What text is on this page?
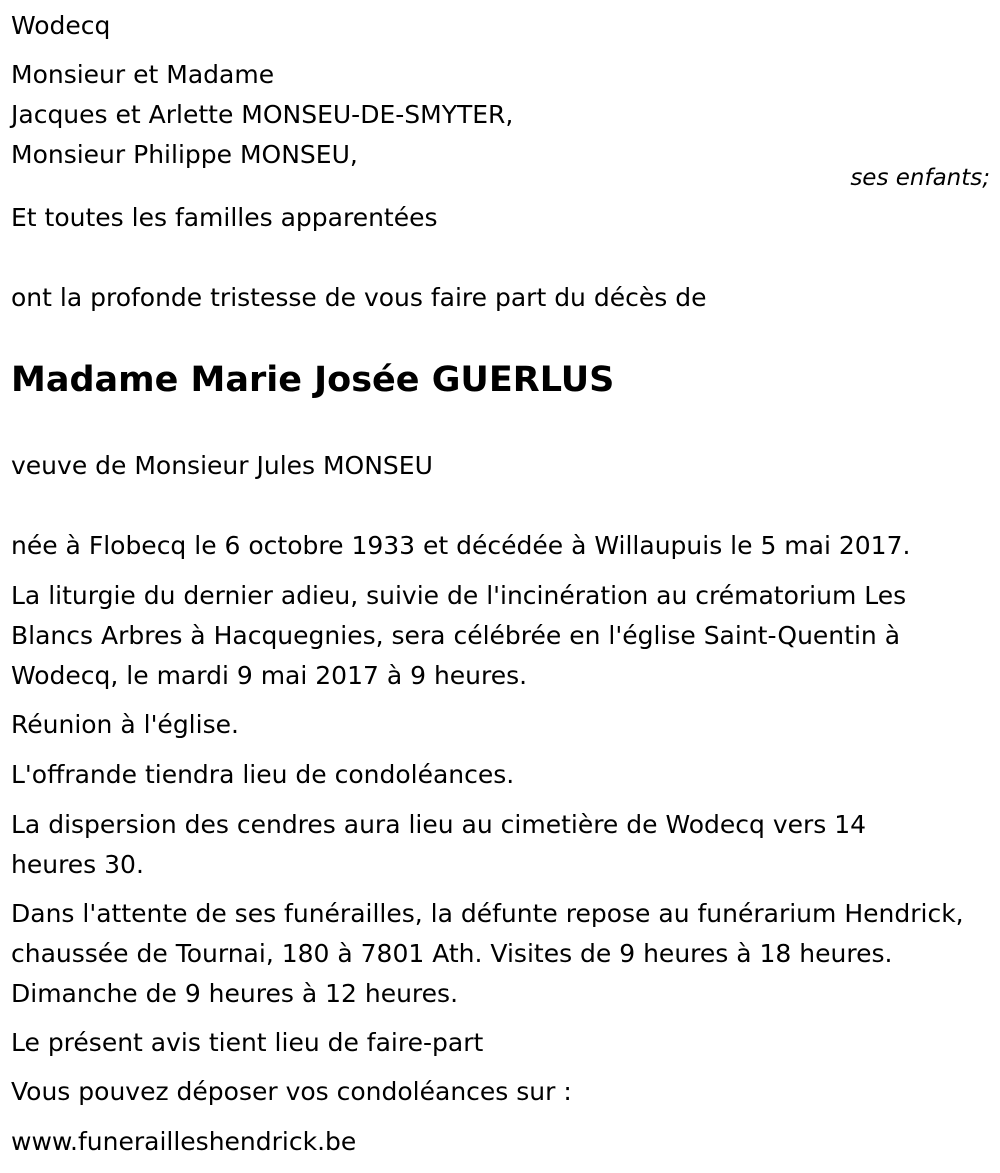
Wodecq

Monsieur et Madame

Jacques et Arlette MONSEU-DE-SMYTER,

Monsieur Philippe MONSEU,

ses enfants;

Et toutes les familles apparentées

ont la profonde tristesse de vous faire part du décès de

Madame Marie Josée GUERLUS

veuve de Monsieur Jules MONSEU

née à Flobecq le 6 octobre 1933 et décédée à Willaupuis le 5 mai 2017.

La liturgie du dernier adieu, suivie de l'incinération au crématorium Les Blancs Arbres à Hacquegnies, sera célébrée en l'église Saint-Quentin à Wodecq, le mardi 9 mai 2017 à 9 heures.

Réunion à l'église.

L'offrande tiendra lieu de condoléances.

La dispersion des cendres aura lieu au cimetière de Wodecq vers 14 heures 30.

Dans l'attente de ses funérailles, la défunte repose au funérarium Hendrick, chaussée de Tournai, 180 à 7801 Ath. Visites de 9 heures à 18 heures. Dimanche de 9 heures à 12 heures.

Le présent avis tient lieu de faire-part

Vous pouvez déposer vos condoléances sur :

www.funerailleshendrick.be
